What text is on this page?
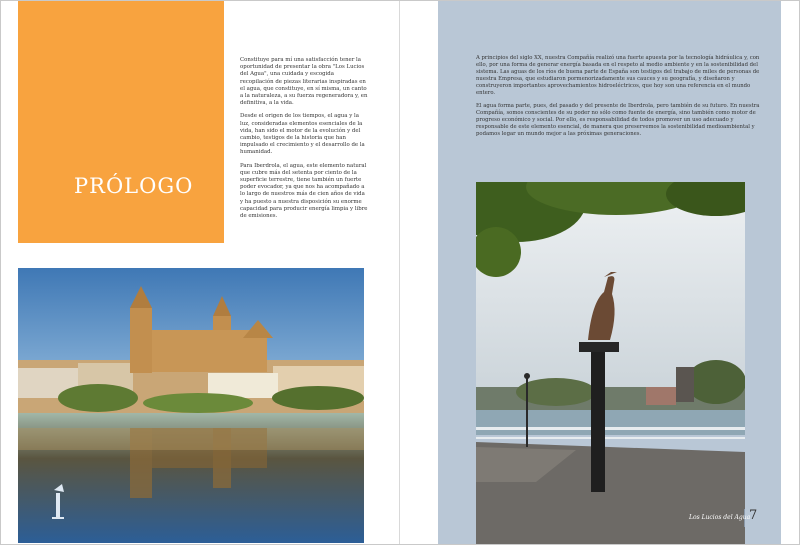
PRÓLOGO

Constituye para mí una satisfacción tener la oportunidad de presentar la obra "Los Lucios del Agua", una cuidada y escogida recopilación de piezas literarias inspiradas en el agua, que constituye, en sí misma, un canto a la naturaleza, a su fuerza regeneradora y, en definitiva, a la vida.

Desde el origen de los tiempos, el agua y la luz, consideradas elementos esenciales de la vida, han sido el motor de la evolución y del cambio, testigos de la historia que han impulsado el crecimiento y el desarrollo de la humanidad.

Para Iberdrola, el agua, este elemento natural que cubre más del setenta por ciento de la superficie terrestre, tiene también un fuerte poder evocador, ya que nos ha acompañado a lo largo de nuestros más de cien años de vida y ha puesto a nuestra disposición su enorme capacidad para producir energía limpia y libre de emisiones.

A principios del siglo XX, nuestra Compañía realizó una fuerte apuesta por la tecnología hidráulica y, con ello, por una forma de generar energía basada en el respeto al medio ambiente y en la sostenibilidad del sistema. Las aguas de los ríos de buena parte de España son testigos del trabajo de miles de personas de nuestra Empresa, que estudiaron pormenorizadamente sus cauces y su geografía, y diseñaron y construyeron importantes aprovechamientos hidroeléctricos, que hoy son una referencia en el mundo entero.

El agua forma parte, pues, del pasado y del presente de Iberdrola, pero también de su futuro. En nuestra Compañía, somos conscientes de su poder no sólo como fuente de energía, sino también como motor de progreso económico y social. Por ello, es responsabilidad de todos promover un uso adecuado y responsable de este elemento esencial, de manera que preservemos la sostenibilidad medioambiental y podamos legar un mundo mejor a las próximas generaciones.

Los Lucios del Agua
7
